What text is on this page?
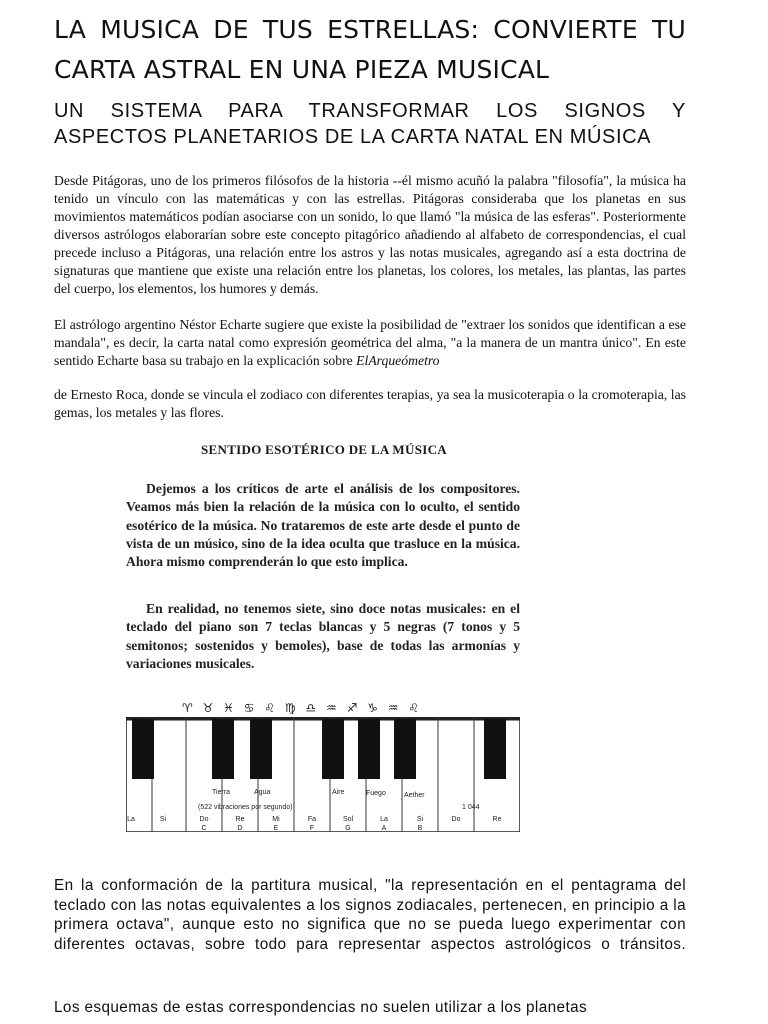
LA MUSICA DE TUS ESTRELLAS: CONVIERTE TU

CARTA ASTRAL EN UNA PIEZA MUSICAL
UN SISTEMA PARA TRANSFORMAR LOS SIGNOS Y
ASPECTOS PLANETARIOS DE LA CARTA NATAL EN MÚSICA

Desde Pitágoras, uno de los primeros filósofos de la historia --él mismo acuñó la palabra "filosofía", la música ha tenido un vínculo con las matemáticas y con las estrellas. Pitágoras consideraba que los planetas en sus movimientos matemáticos podían asociarse con un sonido, lo que llamó "la música de las esferas". Posteriormente diversos astrólogos elaborarían sobre este concepto pitagórico añadiendo al alfabeto de correspondencias, el cual precede incluso a Pitágoras, una relación entre los astros y las notas musicales, agregando así a esta doctrina de signaturas que mantiene que existe una relación entre los planetas, los colores, los metales, las plantas, las partes del cuerpo, los elementos, los humores y demás.

El astrólogo argentino Néstor Echarte sugiere que existe la posibilidad de "extraer los sonidos que identifican a ese mandala", es decir, la carta natal como expresión geométrica del alma, "a la manera de un mantra único". En este sentido Echarte basa su trabajo en la explicación sobre ElArqueómetro

de Ernesto Roca, donde se vincula el zodiaco con diferentes terapias, ya sea la musicoterapia o la cromoterapia, las gemas, los metales y las flores.

SENTIDO ESOTÉRICO DE LA MÚSICA

Dejemos a los críticos de arte el análisis de los compositores. Veamos más bien la relación de la música con lo oculto, el sentido esotérico de la música. No trataremos de este arte desde el punto de vista de un músico, sino de la idea oculta que trasluce en la música. Ahora mismo comprenderán lo que esto implica.

En realidad, no tenemos siete, sino doce notas musicales: en el teclado del piano son 7 teclas blancas y 5 negras (7 tonos y 5 semitonos; sostenidos y bemoles), base de todas las armonías y variaciones musicales.

♈ ♉ ♓ ♋ ♌ ♍ ♎ ♒ ♐ ♑ ♒ ♌
Tierra	Agua	Aire	Fuego	Aether
(522 vibraciones por segundo)	1 044
La	Si	Do	Re	Mi	Fa	Sol	La	Si	Do	Re
C	D	E	F	G	A	B

En la conformación de la partitura musical, "la representación en el pentagrama del teclado con las notas equivalentes a los signos zodiacales, pertenecen, en principio a la primera octava", aunque esto no significa que no se pueda luego experimentar con diferentes octavas, sobre todo para representar aspectos astrológicos o tránsitos.

Los esquemas de estas correspondencias no suelen utilizar a los planetas
